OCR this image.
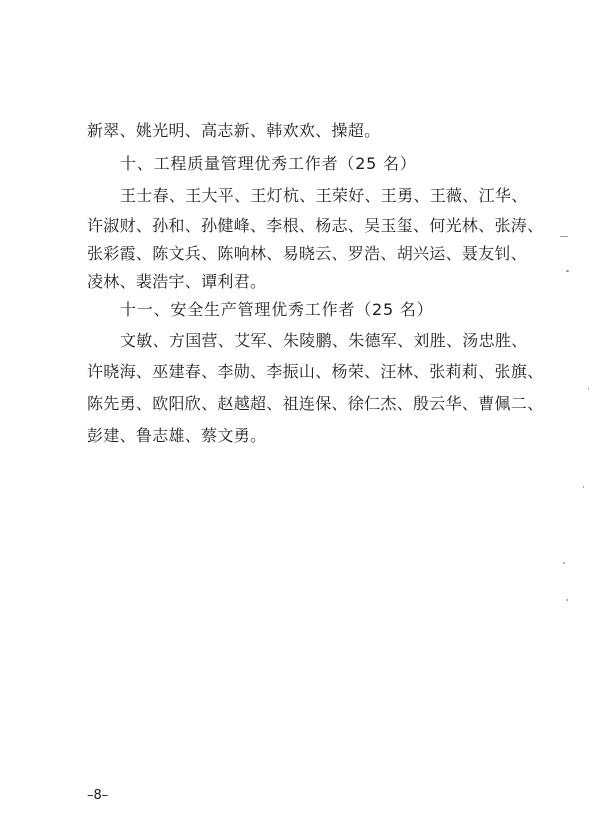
新翠、姚光明、高志新、韩欢欢、操超。
十、工程质量管理优秀工作者（25 名）
王士春、王大平、王灯杭、王荣好、王勇、王薇、江华、
许淑财、孙和、孙健峰、李根、杨志、吴玉玺、何光林、张涛、
张彩霞、陈文兵、陈响林、易晓云、罗浩、胡兴运、聂友钊、
凌林、裴浩宇、谭利君。
十一、安全生产管理优秀工作者（25 名）
文敏、方国营、艾军、朱陵鹏、朱德军、刘胜、汤忠胜、
许晓海、巫建春、李勋、李振山、杨荣、汪林、张莉莉、张旗、
陈先勇、欧阳欣、赵越超、祖连保、徐仁杰、殷云华、曹佩二、
彭建、鲁志雄、蔡文勇。
–8–
